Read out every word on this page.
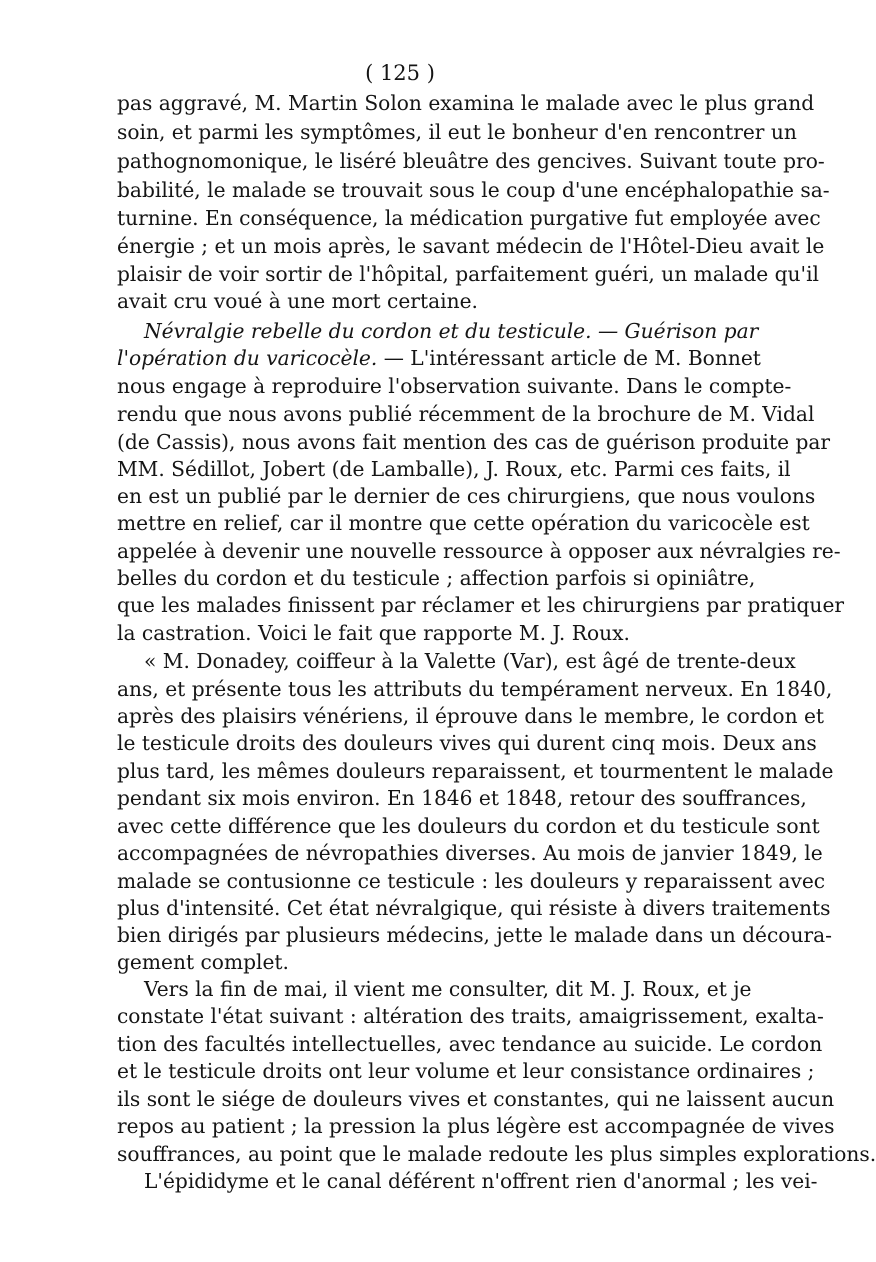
( 125 )
pas aggravé, M. Martin Solon examina le malade avec le plus grand
soin, et parmi les symptômes, il eut le bonheur d'en rencontrer un
pathognomonique, le liséré bleuâtre des gencives. Suivant toute pro-
babilité, le malade se trouvait sous le coup d'une encéphalopathie sa-
turnine. En conséquence, la médication purgative fut employée avec
énergie ; et un mois après, le savant médecin de l'Hôtel-Dieu avait le
plaisir de voir sortir de l'hôpital, parfaitement guéri, un malade qu'il
avait cru voué à une mort certaine.
Névralgie rebelle du cordon et du testicule. — Guérison par
l'opération du varicocèle. — L'intéressant article de M. Bonnet
nous engage à reproduire l'observation suivante. Dans le compte-
rendu que nous avons publié récemment de la brochure de M. Vidal
(de Cassis), nous avons fait mention des cas de guérison produite par
MM. Sédillot, Jobert (de Lamballe), J. Roux, etc. Parmi ces faits, il
en est un publié par le dernier de ces chirurgiens, que nous voulons
mettre en relief, car il montre que cette opération du varicocèle est
appelée à devenir une nouvelle ressource à opposer aux névralgies re-
belles du cordon et du testicule ; affection parfois si opiniâtre,
que les malades finissent par réclamer et les chirurgiens par pratiquer
la castration. Voici le fait que rapporte M. J. Roux.
« M. Donadey, coiffeur à la Valette (Var), est âgé de trente-deux
ans, et présente tous les attributs du tempérament nerveux. En 1840,
après des plaisirs vénériens, il éprouve dans le membre, le cordon et
le testicule droits des douleurs vives qui durent cinq mois. Deux ans
plus tard, les mêmes douleurs reparaissent, et tourmentent le malade
pendant six mois environ. En 1846 et 1848, retour des souffrances,
avec cette différence que les douleurs du cordon et du testicule sont
accompagnées de névropathies diverses. Au mois de janvier 1849, le
malade se contusionne ce testicule : les douleurs y reparaissent avec
plus d'intensité. Cet état névralgique, qui résiste à divers traitements
bien dirigés par plusieurs médecins, jette le malade dans un découra-
gement complet.
Vers la fin de mai, il vient me consulter, dit M. J. Roux, et je
constate l'état suivant : altération des traits, amaigrissement, exalta-
tion des facultés intellectuelles, avec tendance au suicide. Le cordon
et le testicule droits ont leur volume et leur consistance ordinaires ;
ils sont le siége de douleurs vives et constantes, qui ne laissent aucun
repos au patient ; la pression la plus légère est accompagnée de vives
souffrances, au point que le malade redoute les plus simples explorations.
L'épididyme et le canal déférent n'offrent rien d'anormal ; les vei-
